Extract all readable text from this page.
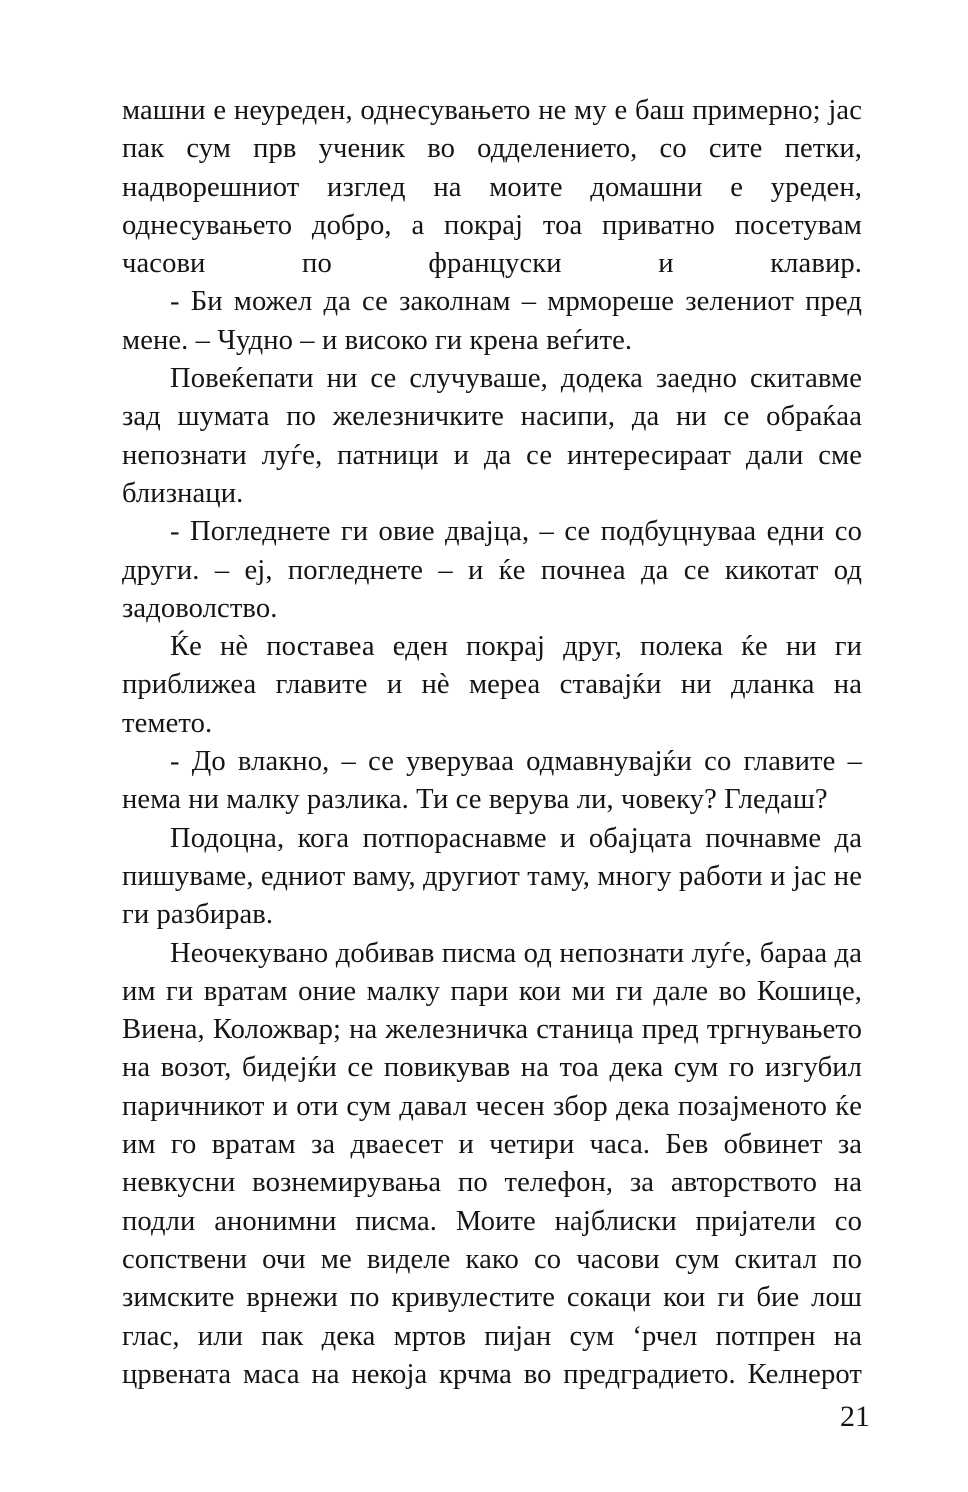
машни е неуреден, однесувањето не му е баш примерно; јас пак сум прв ученик во одделението, со сите петки, надворешниот изглед на моите домашни е уреден, однесувањето добро, а покрај тоа приватно посетувам часови по француски и клавир.

- Би можел да се заколнам – мрмореше зелениот пред мене. – Чудно – и високо ги крена веѓите.

Повеќепати ни се случуваше, додека заедно скитавме зад шумата по железничките насипи, да ни се обраќаа непознати луѓе, патници и да се интересираат дали сме близнаци.

- Погледнете ги овие двајца, – се подбуцнуваа едни со други. – еј, погледнете – и ќе почнеа да се кикотат од задоволство.

Ќе нè поставеа еден покрај друг, полека ќе ни ги приближеа главите и нè мереа ставајќи ни дланка на темето.

- До влакно, – се уверуваа одмавнувајќи со главите – нема ни малку разлика. Ти се верува ли, човеку? Гледаш?

Подоцна, кога потпораснавме и обајцата почнавме да пишуваме, едниот ваму, другиот таму, многу работи и јас не ги разбирав.

Неочекувано добивав писма од непознати луѓе, бараа да им ги вратам оние малку пари кои ми ги дале во Кошице, Виена, Коложвар; на железничка станица пред тргнувањето на возот, бидејќи се повикував на тоа дека сум го изгубил паричникот и оти сум давал чесен збор дека позајменото ќе им го вратам за дваесет и четири часа. Бев обвинет за невкусни вознемирувања по телефон, за авторството на подли анонимни писма. Моите најблиски пријатели со сопствени очи ме виделе како со часови сум скитал по зимските врнежи по кривулестите сокаци кои ги бие лош глас, или пак дека мртов пијан сум ‘рчел потпрен на црвената маса на некоја крчма во предградието. Келнерот

21
